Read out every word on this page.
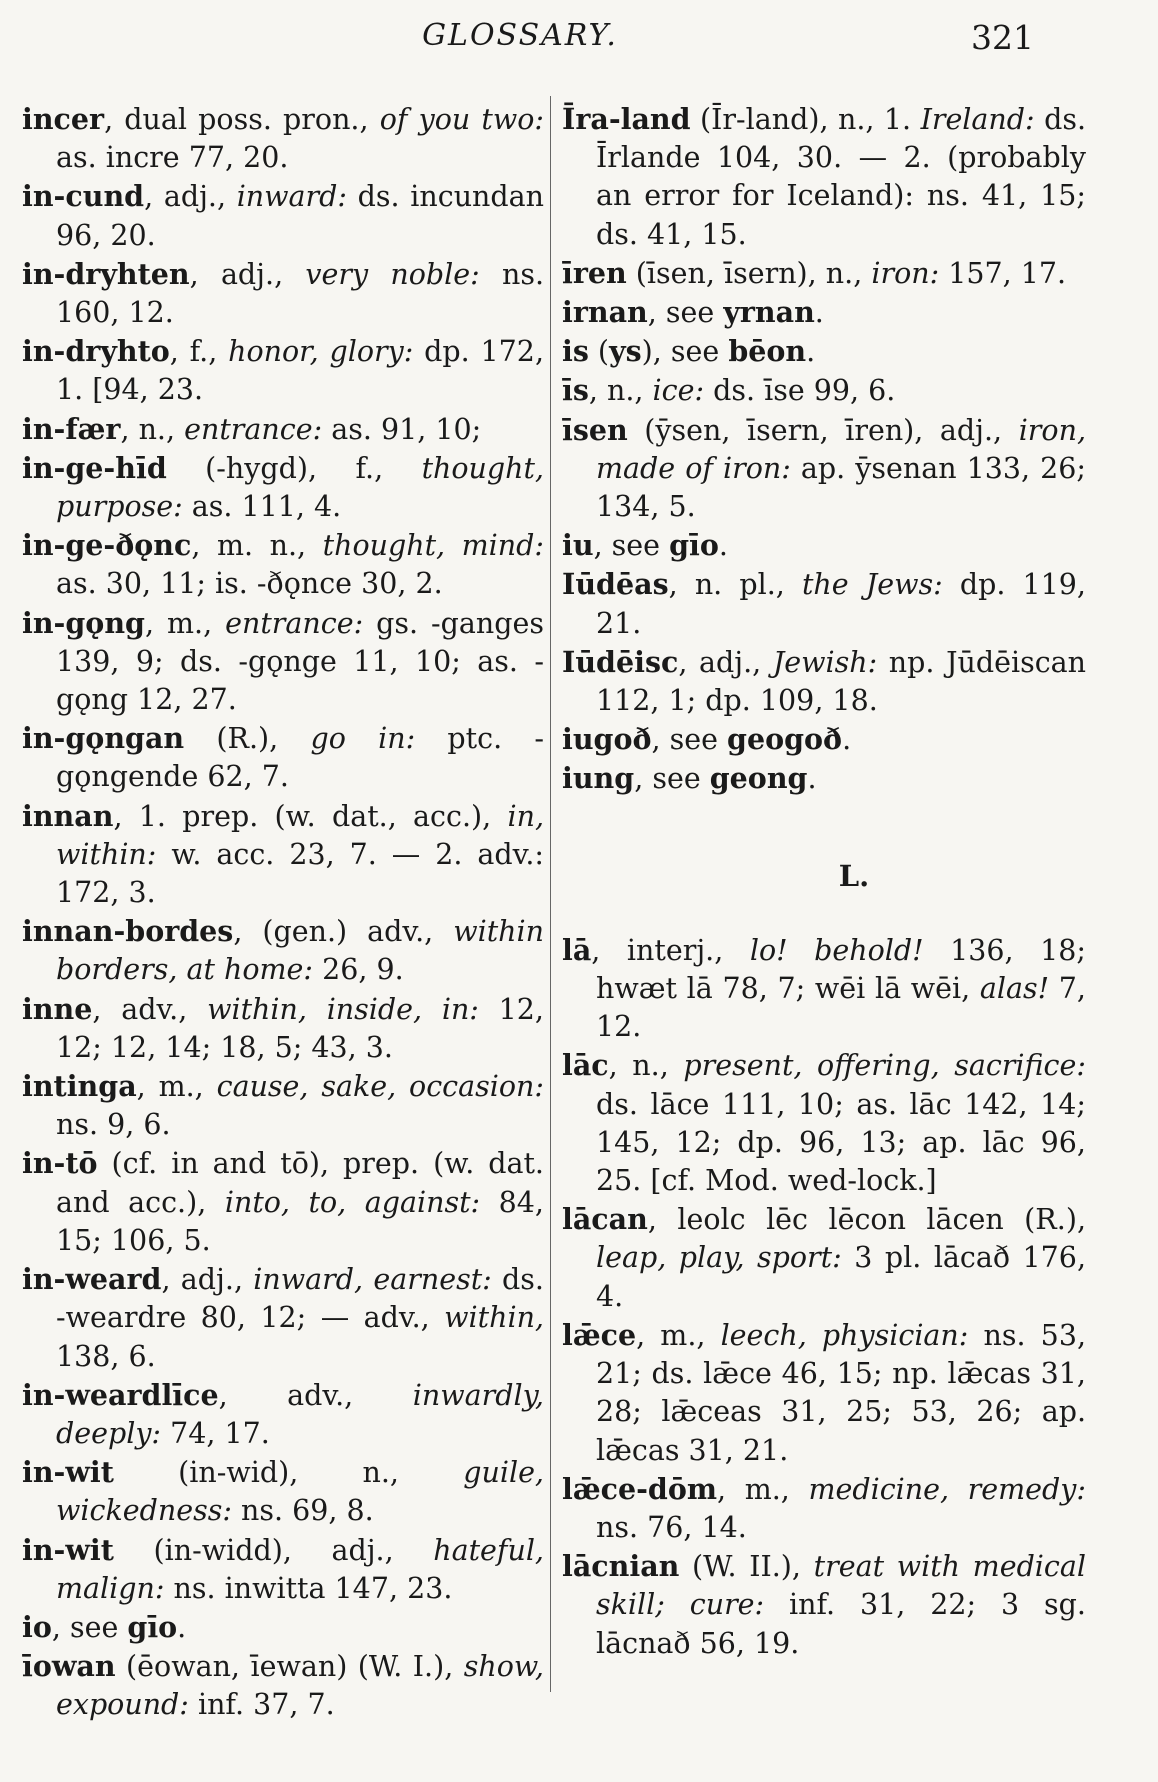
GLOSSARY.	321
incer, dual poss. pron., of you two: as. incre 77, 20.
in-cund, adj., inward: ds. incundan 96, 20.
in-dryhten, adj., very noble: ns. 160, 12.
in-dryhto, f., honor, glory: dp. 172, 1. [94, 23.
in-fær, n., entrance: as. 91, 10;
in-ge-hīd (-hygd), f., thought, purpose: as. 111, 4.
in-ge-ðǫnc, m. n., thought, mind: as. 30, 11; is. -ðǫnce 30, 2.
in-gǫng, m., entrance: gs. -ganges 139, 9; ds. -gǫnge 11, 10; as. -gǫng 12, 27.
in-gǫngan (R.), go in: ptc. -gǫngende 62, 7.
innan, 1. prep. (w. dat., acc.), in, within: w. acc. 23, 7. — 2. adv.: 172, 3.
innan-bordes, (gen.) adv., within borders, at home: 26, 9.
inne, adv., within, inside, in: 12, 12; 12, 14; 18, 5; 43, 3.
intinga, m., cause, sake, occasion: ns. 9, 6.
in-tō (cf. in and tō), prep. (w. dat. and acc.), into, to, against: 84, 15; 106, 5.
in-weard, adj., inward, earnest: ds. -weardre 80, 12; — adv., within, 138, 6.
in-weardlīce, adv., inwardly, deeply: 74, 17.
in-wit (in-wid), n., guile, wickedness: ns. 69, 8.
in-wit (in-widd), adj., hateful, malign: ns. inwitta 147, 23.
io, see gīo.
īowan (ēowan, īewan) (W. I.), show, expound: inf. 37, 7.
Īra-land (Īr-land), n., 1. Ireland: ds. Īrlande 104, 30. — 2. (probably an error for Iceland): ns. 41, 15; ds. 41, 15.
īren (īsen, īsern), n., iron: 157, 17.
irnan, see yrnan.
is (ys), see bēon.
īs, n., ice: ds. īse 99, 6.
īsen (ȳsen, īsern, īren), adj., iron, made of iron: ap. ȳsenan 133, 26; 134, 5.
iu, see gīo.
Iūdēas, n. pl., the Jews: dp. 119, 21.
Iūdēisc, adj., Jewish: np. Jūdēiscan 112, 1; dp. 109, 18.
iugoð, see geogoð.
iung, see geong.
L.
lā, interj., lo! behold! 136, 18; hwæt lā 78, 7; wēi lā wēi, alas! 7, 12.
lāc, n., present, offering, sacrifice: ds. lāce 111, 10; as. lāc 142, 14; 145, 12; dp. 96, 13; ap. lāc 96, 25. [cf. Mod. wed-lock.]
lācan, leolc lēc lēcon lācen (R.), leap, play, sport: 3 pl. lācað 176, 4.
lǣce, m., leech, physician: ns. 53, 21; ds. lǣce 46, 15; np. lǣcas 31, 28; lǣceas 31, 25; 53, 26; ap. lǣcas 31, 21.
lǣce-dōm, m., medicine, remedy: ns. 76, 14.
lācnian (W. II.), treat with medical skill; cure: inf. 31, 22; 3 sg. lācnað 56, 19.
